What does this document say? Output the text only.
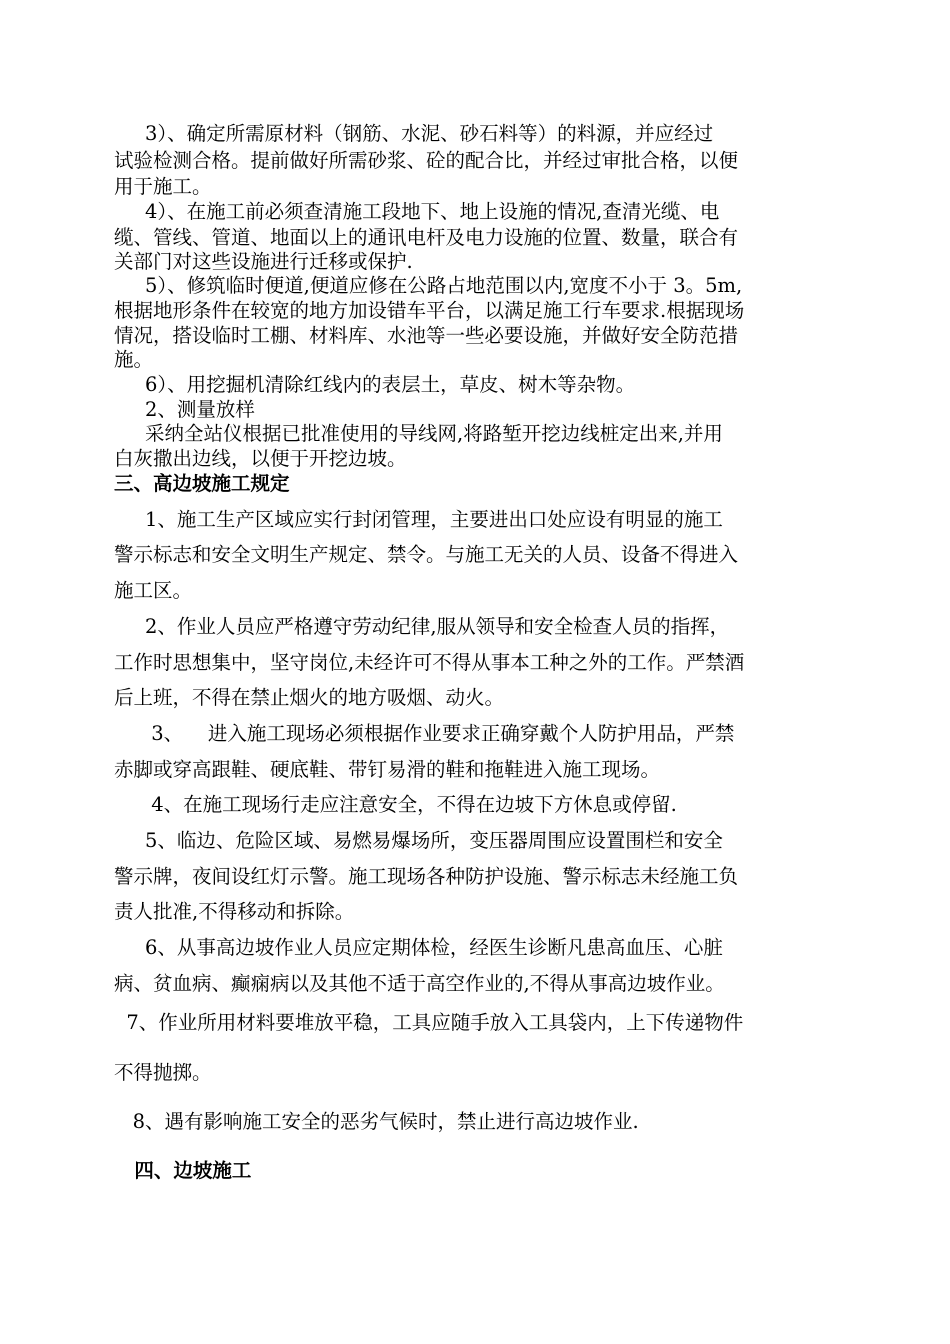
3）、确定所需原材料（钢筋、水泥、砂石料等）的料源，并应经过
试验检测合格。提前做好所需砂浆、砼的配合比，并经过审批合格，以便
用于施工。
4）、在施工前必须查清施工段地下、地上设施的情况,查清光缆、电
缆、管线、管道、地面以上的通讯电杆及电力设施的位置、数量，联合有
关部门对这些设施进行迁移或保护.
5）、修筑临时便道,便道应修在公路占地范围以内,宽度不小于 3。5m,
根据地形条件在较宽的地方加设错车平台，以满足施工行车要求.根据现场
情况，搭设临时工棚、材料库、水池等一些必要设施，并做好安全防范措
施。
6）、用挖掘机清除红线内的表层土，草皮、树木等杂物。
2、测量放样
采纳全站仪根据已批准使用的导线网,将路堑开挖边线桩定出来,并用
白灰撒出边线，以便于开挖边坡。
三、高边坡施工规定
1、施工生产区域应实行封闭管理，主要进出口处应设有明显的施工
警示标志和安全文明生产规定、禁令。与施工无关的人员、设备不得进入
施工区。
2、作业人员应严格遵守劳动纪律,服从领导和安全检查人员的指挥，
工作时思想集中，坚守岗位,未经许可不得从事本工种之外的工作。严禁酒
后上班，不得在禁止烟火的地方吸烟、动火。
3、    进入施工现场必须根据作业要求正确穿戴个人防护用品，严禁
赤脚或穿高跟鞋、硬底鞋、带钉易滑的鞋和拖鞋进入施工现场。
4、在施工现场行走应注意安全，不得在边坡下方休息或停留.
5、临边、危险区域、易燃易爆场所，变压器周围应设置围栏和安全
警示牌，夜间设红灯示警。施工现场各种防护设施、警示标志未经施工负
责人批准,不得移动和拆除。
6、从事高边坡作业人员应定期体检，经医生诊断凡患高血压、心脏
病、贫血病、癫痫病以及其他不适于高空作业的,不得从事高边坡作业。
7、作业所用材料要堆放平稳，工具应随手放入工具袋内，上下传递物件
不得抛掷。
8、遇有影响施工安全的恶劣气候时，禁止进行高边坡作业.
四、边坡施工
